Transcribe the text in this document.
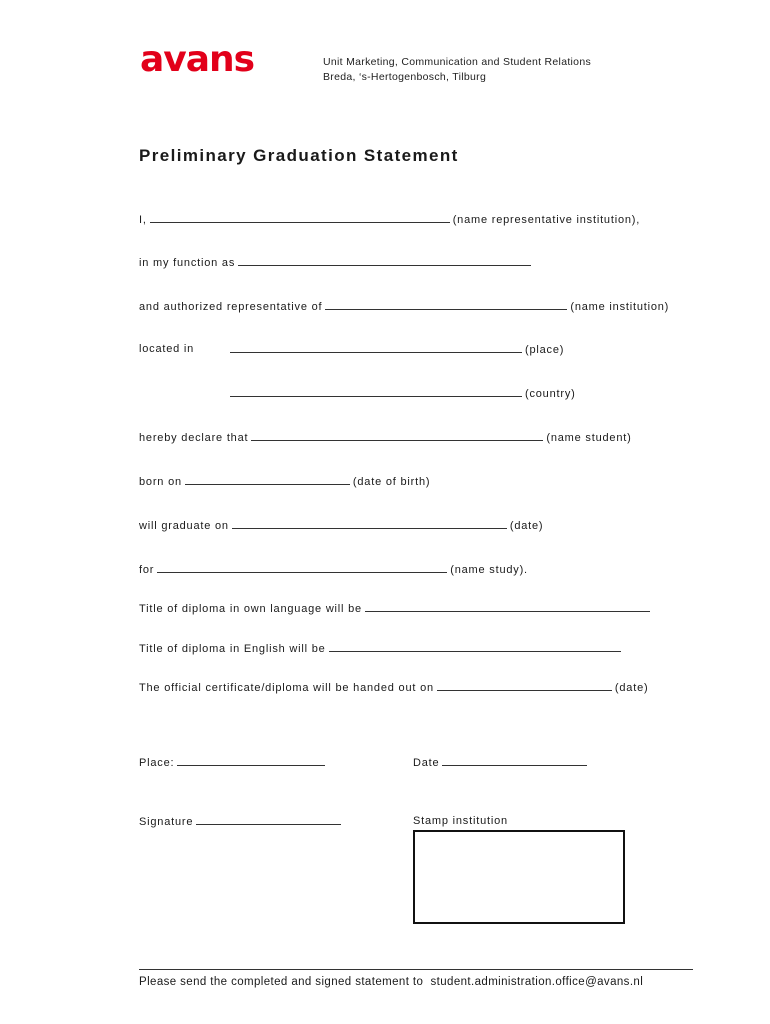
avans	Unit Marketing, Communication and Student Relations
Breda, ‘s-Hertogenbosch, Tilburg
Preliminary Graduation Statement
I,	(name representative institution),
in my function as
and authorized representative of	(name institution)
located in	(place)
(country)
hereby declare that	(name student)
born on	(date of birth)
will graduate on	(date)
for	(name study).
Title of diploma in own language will be
Title of diploma in English will be
The official certificate/diploma will be handed out on	(date)
Place:	Date
Signature	Stamp institution
Please send the completed and signed statement to student.administration.office@avans.nl
